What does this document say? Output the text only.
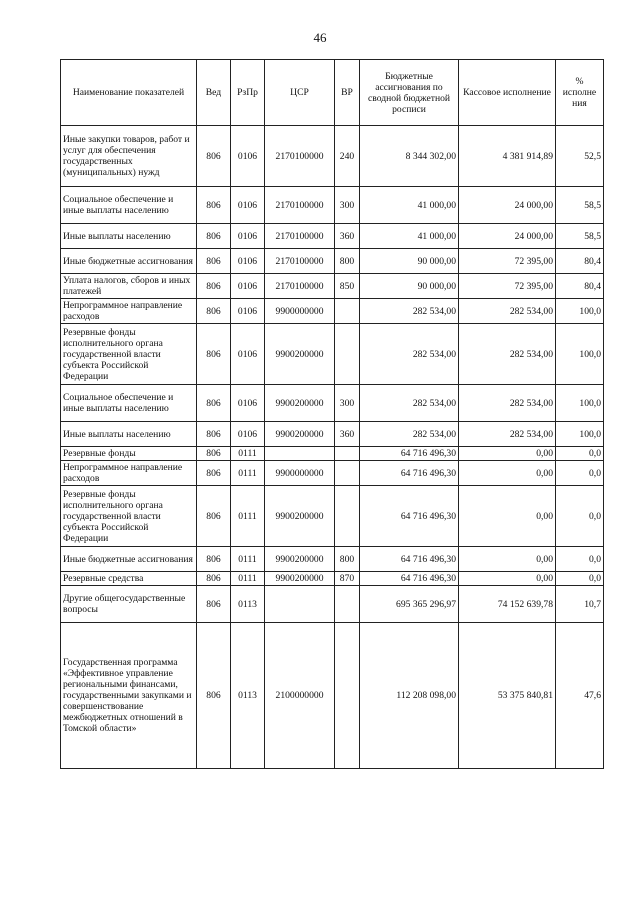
46
Наименование показателей	Вед	РзПр	ЦСР	ВР	Бюджетные ассигнования по сводной бюджетной росписи	Кассовое исполнение	% исполне ния
Иные закупки товаров, работ и услуг для обеспечения государственных (муниципальных) нужд	806	0106	2170100000	240	8 344 302,00	4 381 914,89	52,5
Социальное обеспечение и иные выплаты населению	806	0106	2170100000	300	41 000,00	24 000,00	58,5
Иные выплаты населению	806	0106	2170100000	360	41 000,00	24 000,00	58,5
Иные бюджетные ассигнования	806	0106	2170100000	800	90 000,00	72 395,00	80,4
Уплата налогов, сборов и иных платежей	806	0106	2170100000	850	90 000,00	72 395,00	80,4
Непрограммное направление расходов	806	0106	9900000000		282 534,00	282 534,00	100,0
Резервные фонды исполнительного органа государственной власти субъекта Российской Федерации	806	0106	9900200000		282 534,00	282 534,00	100,0
Социальное обеспечение и иные выплаты населению	806	0106	9900200000	300	282 534,00	282 534,00	100,0
Иные выплаты населению	806	0106	9900200000	360	282 534,00	282 534,00	100,0
Резервные фонды	806	0111			64 716 496,30	0,00	0,0
Непрограммное направление расходов	806	0111	9900000000		64 716 496,30	0,00	0,0
Резервные фонды исполнительного органа государственной власти субъекта Российской Федерации	806	0111	9900200000		64 716 496,30	0,00	0,0
Иные бюджетные ассигнования	806	0111	9900200000	800	64 716 496,30	0,00	0,0
Резервные средства	806	0111	9900200000	870	64 716 496,30	0,00	0,0
Другие общегосударственные вопросы	806	0113			695 365 296,97	74 152 639,78	10,7
Государственная программа «Эффективное управление региональными финансами, государственными закупками и совершенствование межбюджетных отношений в Томской области»	806	0113	2100000000		112 208 098,00	53 375 840,81	47,6
